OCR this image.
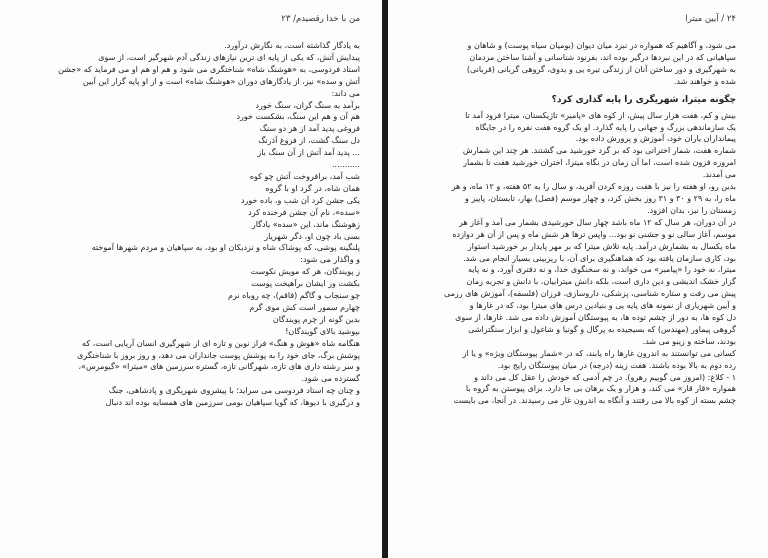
من با خدا رقصیدم/ ۲۳
به یادگار گذاشته است، به نگارش درآورد.
پیدایش آتش، که یکی از پایه ای ترین نیازهای زندگی آدم شهرگیر است، از سوی
استاد فردوسی، به «هوشنگ شاه» شناختگری می شود و هم او هم او می فرماید که «جشن
آتش و سده» نیز، از یادگارهای دوران «هوشنگ شاه» است و از او پایه گزار این آیین
می داند:
برآمد به سنگ گران، سنگ خورد
هم آن و هم این سنگ، بشکست خورد
فروغی پدید آمد از هر دو سنگ
دل سنگ گشت، از فروغ آذرنگ
... پدید آمد آتش از آن سنگ باز
...........
شب آمد، برافروخت آتش چو کوه
همان شاه، در گرد او با گروه
یکی جشن کرد آن شب و، باده خورد
«سده»، نام آن جشن فرخنده کرد
زهوشنگ ماند، این «سده» یادگار
بسی باد چون او، دگر شهریار
پلنگینه پوشی، که پوشاک شاه و نزدیکان او بود، به سپاهیان و مردم شهرها آموخته
و واگذار می شود:
ز پویندگان، هر که مویش نکوست
بکشت وز ایشان برآهیخت پوست
چو سنجاب و گاگم (قاقم)، چه روباه نرم
چهارم سمور است کش موی گرم
بدین گونه از چرم پویندگان
بپوشید بالای گویندگان!
هنگامه شاه «هوش و هنگ» فراز نوین و تازه ای از شهرگیری انسان آریایی است، که
پوشش برگ، جای خود را به پوشش پوست جانداران می دهد، و روز بروز با شناختگری
و سر رشته داری های تازه، شهرگانی تازه، گستره سرزمین های «میترا» «گیومرس»،
گسترده می شود.
و چنان چه استاد فردوسی می سراید؛ با پیشروی شهریگری و پادشاهی، جنگ
و درگیری با دیوها، که گویا سپاهیان بومی سرزمین های همسایه بوده اند دنبال
۲۴ / آیین میترا
می شود، و آگاهیم که همواره در نبرد میان دیوان (بومیان سیاه پوست) و شاهان و
سپاهیانی که در این نبردها درگیر بوده اند، بفرنود شناسانی و آشنا ساختن مردمان
به شهرگیری و دور ساختن آنان از زندگی تیره یی و بدوی، گروهی گربانی (قربانی)
شده و خواهند شد.
چگونه میترا، شهریگری را پایه گذاری کرد؟
بیش و کم، هفت هزار سال پیش، از کوه های «پامیر» تاژیکستان، میترا فرود آمد تا
یک سازماندهی بزرگ و جهانی را پایه گذارد. او یک گروه هفت نفره را در جایگاه
پیمانداران یاران خود، آموزش و پرورش داده بود.
شماره هفت، شمار اختراتی بود که بر گرد خورشید می گشتند. هر چند این شمارش
امروزه فزون شده است، اما آن زمان در نگاه میترا، اختران خورشید هفت تا بشمار
می آمدند.
بدین رو، او هفته را نیز با هفت روزه کردن آفرید، و سال را به ۵۲ هفته، و ۱۲ ماه، و هر
ماه را، به ۲۹ و ۳۰ و ۳۱ روز بخش کرد، و چهار موسم (فصل) بهار، تابستان، پاییز و
زمستان را نیز، بدان افزود.
در آن دوران، هر سال که ۱۲ ماه باشد چهار سال خورشیدی بشمار می آمد و آغاز هر
موسم، آغاز سالی نو و جشنی نو بود... واپس ترها هر شش ماه و پس از آن هر دوازده
ماه یکسال به بشمارش درآمد. پایه تلاش میترا که بر مهر پایدار بر خورشید استوار
بود، کاری سازمان یافته بود که هماهنگیری برای آن، با ریزبینی بسیار انجام می شد.
میترا، نه خود را «پیامبر» می خواند، و نه سخنگوی خدا، و نه دفتری آورد، و نه پایه
گزار خشک اندیشی و دین داری است، بلکه دانش میترابیان، با دانش و تجربه زمان
پیش می رفت و ستاره شناسی، پزشکی، داروسازی، فرزان (فلسفه)، آموزش های رزمی
و آیین شهریاری از نمونه های پایه یی و بنیادین درس های میترا بود، که در غارها و
دل کوه ها، به دور از چشم توده ها، به پیوستگان آموزش داده می شد. غارها، از سوی
گروهی پیماور (مهندس) که بسیجیده به پرگال و گونیا و شاغول و ابزار سنگتراشی
بودند، ساخته و زیبو می شد.
کسانی می توانستند به اندرون غارها راه یابند، که در «شمار پیوستگان ویژه» و یا از
رده دوم به بالا بوده باشند. هفت زینه (درجه) در میان پیوستگان رایج بود.
۱ - کلاغ: (امروز می گوییم رهرو). در چم آدمی که خودش را عقل کل می داند و
همواره «قار قار» می کند، و هزار و یک برهان بی جا دارد. برای پیوستن به گروه با
چشم بسته از کوه بالا می رفتند و آنگاه به اندرون غار می رسیدند. در آنجا، می بایست
